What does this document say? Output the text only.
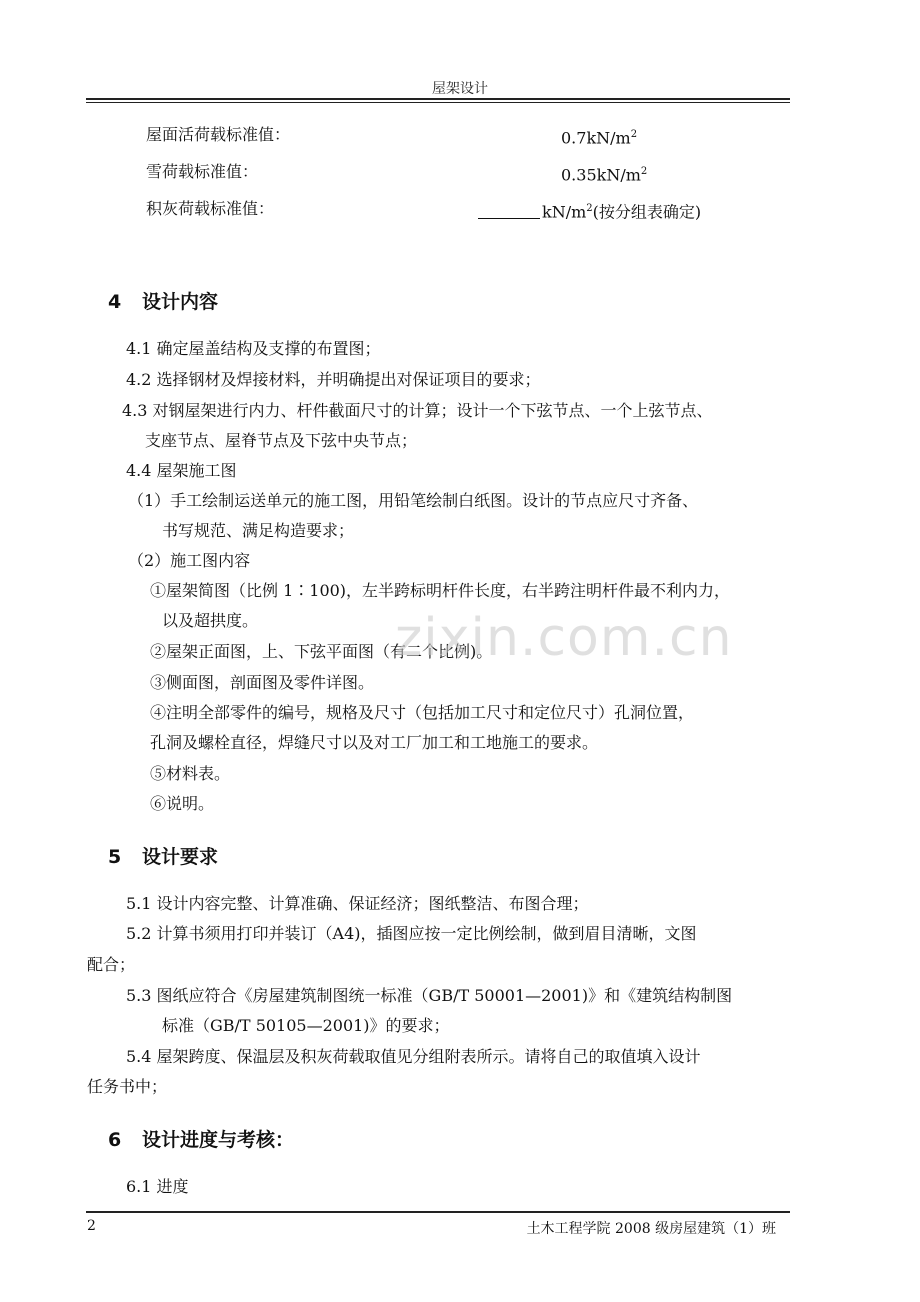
屋架设计
屋面活荷载标准值：	$0.7kN/m^2$
雪荷载标准值：	$0.35kN/m^2$
积灰荷载标准值：	$kN/m^2$(按分组表确定)
4 设计内容
4.1 确定屋盖结构及支撑的布置图；
4.2 选择钢材及焊接材料，并明确提出对保证项目的要求；
4.3 对钢屋架进行内力、杆件截面尺寸的计算；设计一个下弦节点、一个上弦节点、
支座节点、屋脊节点及下弦中央节点；
4.4 屋架施工图
（1）手工绘制运送单元的施工图，用铅笔绘制白纸图。设计的节点应尺寸齐备、
书写规范、满足构造要求；
（2）施工图内容
①屋架简图（比例 1∶100)，左半跨标明杆件长度，右半跨注明杆件最不利内力，
以及超拱度。
②屋架正面图，上、下弦平面图（有二个比例)。
③侧面图，剖面图及零件详图。
④注明全部零件的编号，规格及尺寸（包括加工尺寸和定位尺寸）孔洞位置，
孔洞及螺栓直径，焊缝尺寸以及对工厂加工和工地施工的要求。
⑤材料表。
⑥说明。
zixin.com.cn
5 设计要求
5.1 设计内容完整、计算准确、保证经济；图纸整洁、布图合理；
5.2 计算书须用打印并装订（A4)，插图应按一定比例绘制，做到眉目清晰，文图
配合；
5.3 图纸应符合《房屋建筑制图统一标准（GB/T 50001—2001)》和《建筑结构制图
标准（GB/T 50105—2001)》的要求；
5.4 屋架跨度、保温层及积灰荷载取值见分组附表所示。请将自己的取值填入设计
任务书中；
6 设计进度与考核：
6.1 进度
2	土木工程学院 2008 级房屋建筑（1）班
